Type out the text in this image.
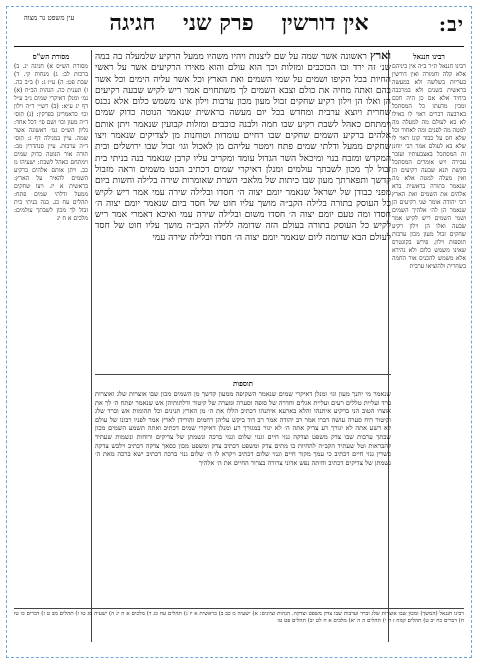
יב:
אין דורשין פרק שני חגיגה
עין משפט נר מצוה
רבינו חננאל
רבינו חננאל ת״ר ב״ה אין ביניהם אלא קלה וחמורה ואין דורשין בעריות בשלשה ולא במעשה בראשית בשנים ולא במרכבה ביחיד אלא אם כן היה חכם ומבין מדעתו כל המסתכל בארבעה דברים ראוי לו כאילו לא בא לעולם מה למעלה מה למטה מה לפנים ומה לאחור וכל שלא חס על כבוד קונו ראוי לו שלא בא לעולם אמר רבי יוחנן זה המסתכל באצבעותיו ועובר עבירה ויש אומרים המסתכל בקשת תנא שבעה רקיעים הן ואין מעלה למטה אלא מה שנאמר בתורה בראשית ברא אלהים את השמים ואת הארץ רבי יהודה אומר שני רקיעים הן שנאמר הן לה׳ אלהיך השמים ושמי השמים ריש לקיש אמר שבעה ואלו הן וילון רקיע שחקים זבול מעון מכון ערבות תוספות וילון. פירש בקונטרס שאינו משמש כלום ולא נהירא אלא משמש להכניס אור החמה בשחרית ולהוציאו ערבית
מסורת הש"ס
מסורת הש״ס א) חגיגה יג. ב) ברכות לב: ג) מנחות קי. ד) שבת פט: ה) ע״ז ג: ו) ב״ב כה. ז) תענית כה. הגהות הב״ח (א) גמ׳ ומנלן דאיקרי שמים נ״ב ע״ל דף יג ע״א: (ב) רש״י ד״ה וילון וכו׳ כדאמרינן בפרקין: (ג) תוס׳ ד״ה מעון וכו׳ ושם פי׳ דכל אחד: גליון הש״ס גמ׳ ראשונה אשר שמה. עיין במגילה דף ג: תוס׳ ד״ה ערבות. עיין סנהדרין מב: תורה אור הנוטה כדוק שמים וימתחם כאהל לשבת: ישעיהו מ כב. ויתן אותם אלהים ברקיע השמים להאיר על הארץ: בראשית א יז. ויצו שחקים ממעל ודלתי שמים פתח: תהלים עח כג. בנה בניתי בית זבול לך מכון לשבתך עולמים: מלכים א ח יג
וארץ ראשונה אשר שמה על שם ליצנות ויהיו משהיו ממעל הרקיע שלמעלה בה במה שנ׳ זה ירד ובו הכוכבים ומזלות וכך הוא עולם והוא מאירו הרקיעים אשר על ראשי החיות בכל הקיפו ושמים על שמי השמים ואת הארץ וכל אשר עליה הימים וכל אשר בהם ואתה מחיה את כולם וצבא השמים לך משתחוים אמר ריש לקיש שבעה רקיעים הן ואלו הן וילון רקיע שחקים זבול מעון מכון ערבות וילון אינו משמש כלום אלא נכנס שחרית ויוצא ערבית ומחדש בכל יום מעשה בראשית שנאמר הנוטה כדוק שמים וימתחם כאהל לשבת רקיע שבו חמה ולבנה כוכבים ומזלות קבועין שנאמר ויתן אותם אלהים ברקיע השמים שחקים שבו רחיים עומדות וטוחנות מן לצדיקים שנאמר ויצו שחקים ממעל ודלתי שמים פתח וימטר עליהם מן לאכול וגו׳ זבול שבו ירושלים ובית המקדש ומזבח בנוי ומיכאל השר הגדול עומד ומקריב עליו קרבן שנאמר בנה בניתי בית זבול לך מכון לשבתך עולמים ומנלן דאיקרי שמים דכתיב הבט משמים וראה מזבול קדשך ותפארתך מעון שבו כיתות של מלאכי השרת שאומרות שירה בלילה וחשות ביום מפני כבודן של ישראל שנאמר יומם יצוה ה׳ חסדו ובלילה שירה עמי אמר ריש לקיש כל העוסק בתורה בלילה הקב״ה מושך עליו חוט של חסד ביום שנאמר יומם יצוה ה׳ חסדו ומה טעם יומם יצוה ה׳ חסדו משום ובלילה שירה עמי ואיכא דאמרי אמר ריש לקיש כל העוסק בתורה בעולם הזה שדומה ללילה הקב״ה מושך עליו חוט של חסד לעולם הבא שדומה ליום שנאמר יומם יצוה ה׳ חסדו ובלילה שירה עמי
תוספות
שנאמר מי יתנך מעון וגו׳ ומנלן דאיקרי שמים שנאמר השקיפה ממעון קדשך מן השמים מכון שבו אוצרות שלג ואוצרות ברד ועליית טללים רעים ועליית אגלים וחדרה של סופה וסערה ומערה של קיטור ודלתותיהן אש שנאמר יפתח ה׳ לך את אוצרו הטוב הני ברקיע איתנהו והלא בארעא איתנהו דכתיב הללו את ה׳ מן הארץ תנינים וכל תהומות אש וברד שלג וקיטור רוח סערה עושה דברו אמר רב יהודה אמר רב דוד ביקש עליהן רחמים והורידן לארץ אמר לפניו רבונו של עולם לא רשע אתה לא יגורך רע צדיק אתה ה׳ לא יגור במגורך רע ומנלן דאיקרי שמים דכתיב ואתה תשמע השמים מכון שבתך ערבות שבו צדק משפט וצדקה גנזי חיים וגנזי שלום וגנזי ברכה ונשמתן של צדיקים ורוחות ונשמות שעתיד להבראות וטל שעתיד הקב״ה להחיות בו מתים צדק ומשפט דכתיב צדק ומשפט מכון כסאך צדקה דכתיב וילבש צדקה כשרין גנזי חיים דכתיב כי עמך מקור חיים וגנזי שלום דכתיב ויקרא לו ה׳ שלום גנזי ברכה דכתיב ישא ברכה מאת ה׳ נשמתן של צדיקים דכתיב והיתה נפש אדוני צרורה בצרור החיים את ה׳ אלהיך
רבינו חננאל (המשך) ומכון שבו אוצרות שלג וברד וערבות שבו צדק משפט וצדקה. הגהות וציונים: א) ישעיה מ כב ב) בראשית א יז ג) תהלים עח כג ד) מלכים א ח יג ה) ישעיה סג טו ו) תהלים מב ט ז) דברים כו טו ח) דברים כח יב ט) תהלים קמח ז ח י) תהלים ה ה יא) מלכים א ח לט יב) תהלים פט טו
